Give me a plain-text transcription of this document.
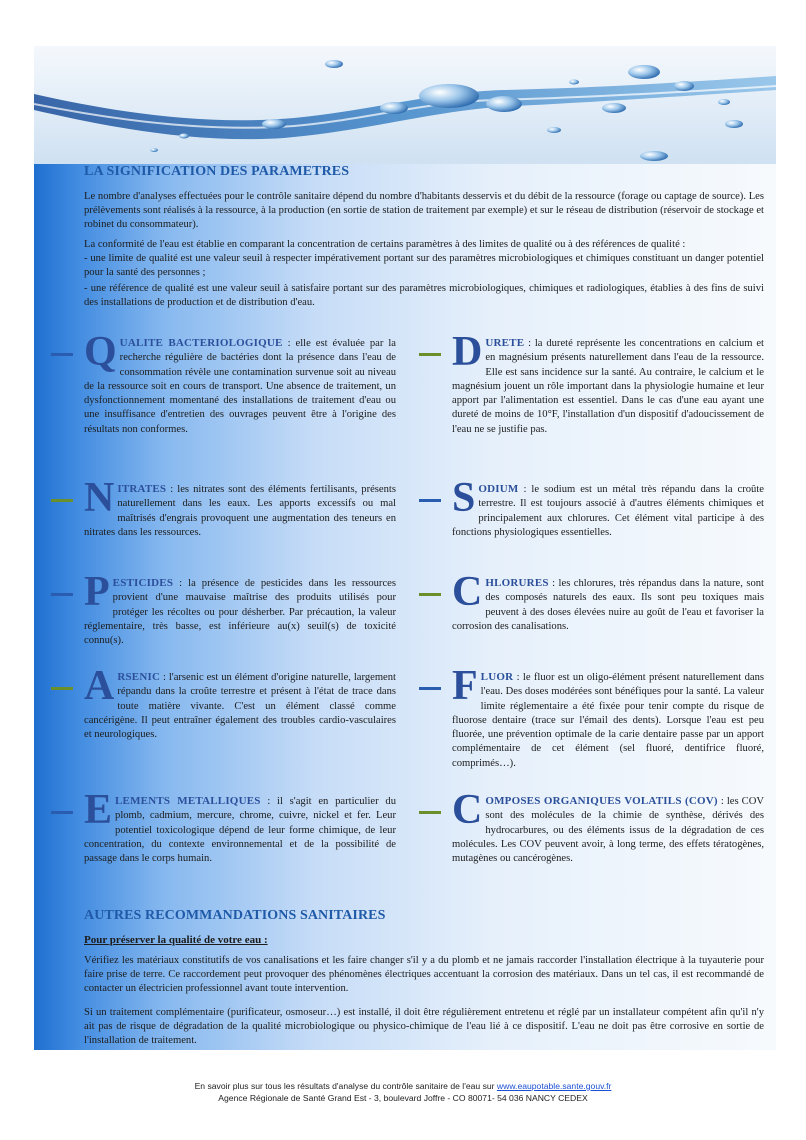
LA SIGNIFICATION DES PARAMETRES

Le nombre d'analyses effectuées pour le contrôle sanitaire dépend du nombre d'habitants desservis et du débit de la ressource (forage ou captage de source). Les prélèvements sont réalisés à la ressource, à la production (en sortie de station de traitement par exemple) et sur le réseau de distribution (réservoir de stockage et robinet du consommateur).

La conformité de l'eau est établie en comparant la concentration de certains paramètres à des limites de qualité ou à des références de qualité :

- une limite de qualité est une valeur seuil à respecter impérativement portant sur des paramètres microbiologiques et chimiques constituant un danger potentiel pour la santé des personnes ;

- une référence de qualité est une valeur seuil à satisfaire portant sur des paramètres microbiologiques, chimiques et radiologiques, établies à des fins de suivi des installations de production et de distribution d'eau.

QUALITE BACTERIOLOGIQUE : elle est évaluée par la recherche régulière de bactéries dont la présence dans l'eau de consommation révèle une contamination survenue soit au niveau de la ressource soit en cours de transport. Une absence de traitement, un dysfonctionnement momentané des installations de traitement d'eau ou une insuffisance d'entretien des ouvrages peuvent être à l'origine des résultats non conformes.

NITRATES : les nitrates sont des éléments fertilisants, présents naturellement dans les eaux. Les apports excessifs ou mal maîtrisés d'engrais provoquent une augmentation des teneurs en nitrates dans les ressources.

PESTICIDES : la présence de pesticides dans les ressources provient d'une mauvaise maîtrise des produits utilisés pour protéger les récoltes ou pour désherber. Par précaution, la valeur réglementaire, très basse, est inférieure au(x) seuil(s) de toxicité connu(s).

ARSENIC : l'arsenic est un élément d'origine naturelle, largement répandu dans la croûte terrestre et présent à l'état de trace dans toute matière vivante. C'est un élément classé comme cancérigène. Il peut entraîner également des troubles cardio-vasculaires et neurologiques.

ELEMENTS METALLIQUES : il s'agit en particulier du plomb, cadmium, mercure, chrome, cuivre, nickel et fer. Leur potentiel toxicologique dépend de leur forme chimique, de leur concentration, du contexte environnemental et de la possibilité de passage dans le corps humain.

DURETE : la dureté représente les concentrations en calcium et en magnésium présents naturellement dans l'eau de la ressource. Elle est sans incidence sur la santé. Au contraire, le calcium et le magnésium jouent un rôle important dans la physiologie humaine et leur apport par l'alimentation est essentiel. Dans le cas d'une eau ayant une dureté de moins de 10°F, l'installation d'un dispositif d'adoucissement de l'eau ne se justifie pas.

SODIUM : le sodium est un métal très répandu dans la croûte terrestre. Il est toujours associé à d'autres éléments chimiques et principalement aux chlorures. Cet élément vital participe à des fonctions physiologiques essentielles.

CHLORURES : les chlorures, très répandus dans la nature, sont des composés naturels des eaux. Ils sont peu toxiques mais peuvent à des doses élevées nuire au goût de l'eau et favoriser la corrosion des canalisations.

FLUOR : le fluor est un oligo-élément présent naturellement dans l'eau. Des doses modérées sont bénéfiques pour la santé. La valeur limite réglementaire a été fixée pour tenir compte du risque de fluorose dentaire (trace sur l'émail des dents). Lorsque l'eau est peu fluorée, une prévention optimale de la carie dentaire passe par un apport complémentaire de cet élément (sel fluoré, dentifrice fluoré, comprimés…).

COMPOSES ORGANIQUES VOLATILS (COV) : les COV sont des molécules de la chimie de synthèse, dérivés des hydrocarbures, ou des éléments issus de la dégradation de ces molécules. Les COV peuvent avoir, à long terme, des effets tératogènes, mutagènes ou cancérogènes.

AUTRES RECOMMANDATIONS SANITAIRES
Pour préserver la qualité de votre eau :

Vérifiez les matériaux constitutifs de vos canalisations et les faire changer s'il y a du plomb et ne jamais raccorder l'installation électrique à la tuyauterie pour faire prise de terre. Ce raccordement peut provoquer des phénomènes électriques accentuant la corrosion des matériaux. Dans un tel cas, il est recommandé de contacter un électricien professionnel avant toute intervention.

Si un traitement complémentaire (purificateur, osmoseur…) est installé, il doit être régulièrement entretenu et réglé par un installateur compétent afin qu'il n'y ait pas de risque de dégradation de la qualité microbiologique ou physico-chimique de l'eau lié à ce dispositif. L'eau ne doit pas être corrosive en sortie de l'installation de traitement.

En savoir plus sur tous les résultats d'analyse du contrôle sanitaire de l'eau sur www.eaupotable.sante.gouv.fr
Agence Régionale de Santé Grand Est - 3, boulevard Joffre - CO 80071- 54 036 NANCY CEDEX
